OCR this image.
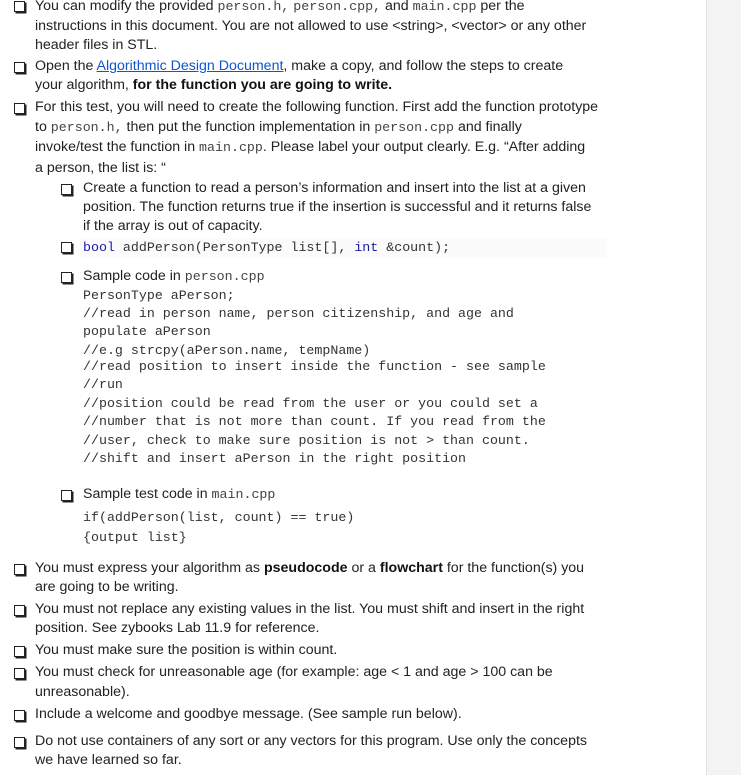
You can modify the provided person.h, person.cpp, and main.cpp per the
instructions in this document. You are not allowed to use <string>, <vector> or any other
header files in STL.
Open the Algorithmic Design Document, make a copy, and follow the steps to create
your algorithm, for the function you are going to write.
For this test, you will need to create the following function. First add the function prototype
to person.h, then put the function implementation in person.cpp and finally
invoke/test the function in main.cpp. Please label your output clearly. E.g. “After adding
a person, the list is: “
Create a function to read a person’s information and insert into the list at a given
position. The function returns true if the insertion is successful and it returns false
if the array is out of capacity.
bool addPerson(PersonType list[], int &count);
Sample code in person.cpp
PersonType aPerson;
//read in person name, person citizenship, and age and
populate aPerson
//e.g strcpy(aPerson.name, tempName)
//read position to insert inside the function - see sample
//run
//position could be read from the user or you could set a
//number that is not more than count. If you read from the
//user, check to make sure position is not > than count.
//shift and insert aPerson in the right position
Sample test code in main.cpp
if(addPerson(list, count) == true)
{output list}
You must express your algorithm as pseudocode or a flowchart for the function(s) you
are going to be writing.
You must not replace any existing values in the list. You must shift and insert in the right
position. See zybooks Lab 11.9 for reference.
You must make sure the position is within count.
You must check for unreasonable age (for example: age < 1 and age > 100 can be
unreasonable).
Include a welcome and goodbye message. (See sample run below).
Do not use containers of any sort or any vectors for this program. Use only the concepts
we have learned so far.
